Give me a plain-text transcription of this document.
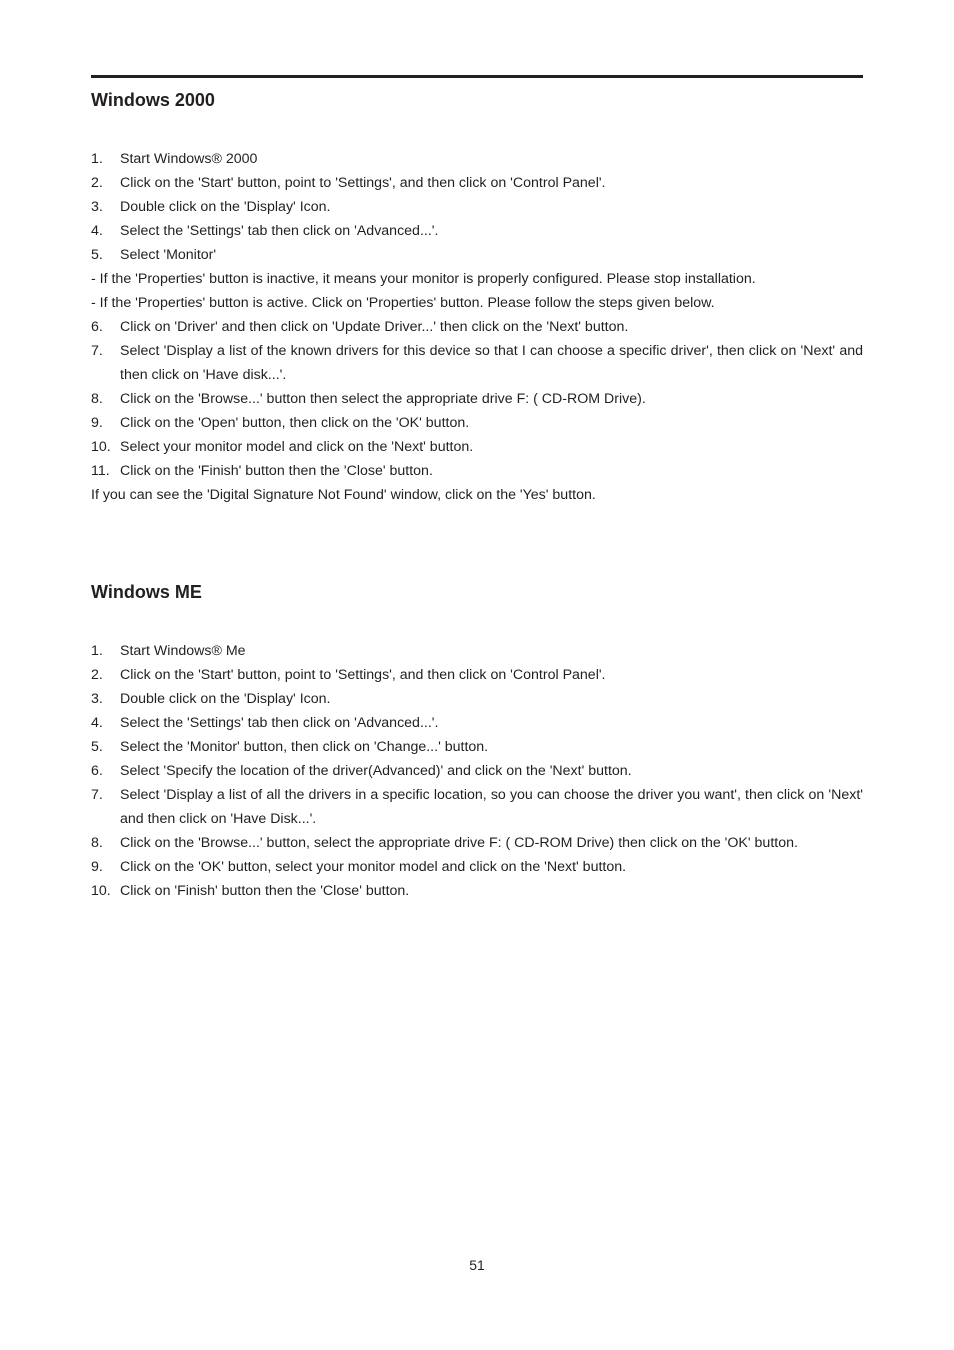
Windows 2000
1. Start Windows® 2000
2. Click on the 'Start' button, point to 'Settings', and then click on 'Control Panel'.
3. Double click on the 'Display' Icon.
4. Select the 'Settings' tab then click on 'Advanced...'.
5. Select 'Monitor'
- If the 'Properties' button is inactive, it means your monitor is properly configured. Please stop installation.
- If the 'Properties' button is active. Click on 'Properties' button. Please follow the steps given below.
6. Click on 'Driver' and then click on 'Update Driver...' then click on the 'Next' button.
7. Select 'Display a list of the known drivers for this device so that I can choose a specific driver', then click on 'Next' and then click on 'Have disk...'.
8. Click on the 'Browse...' button then select the appropriate drive F: ( CD-ROM Drive).
9. Click on the 'Open' button, then click on the 'OK' button.
10. Select your monitor model and click on the 'Next' button.
11. Click on the 'Finish' button then the 'Close' button.
If you can see the 'Digital Signature Not Found' window, click on the 'Yes' button.
Windows ME
1. Start Windows® Me
2. Click on the 'Start' button, point to 'Settings', and then click on 'Control Panel'.
3. Double click on the 'Display' Icon.
4. Select the 'Settings' tab then click on 'Advanced...'.
5. Select the 'Monitor' button, then click on 'Change...' button.
6. Select 'Specify the location of the driver(Advanced)' and click on the 'Next' button.
7. Select 'Display a list of all the drivers in a specific location, so you can choose the driver you want', then click on 'Next' and then click on 'Have Disk...'.
8. Click on the 'Browse...' button, select the appropriate drive F: ( CD-ROM Drive) then click on the 'OK' button.
9. Click on the 'OK' button, select your monitor model and click on the 'Next' button.
10. Click on 'Finish' button then the 'Close' button.
51
